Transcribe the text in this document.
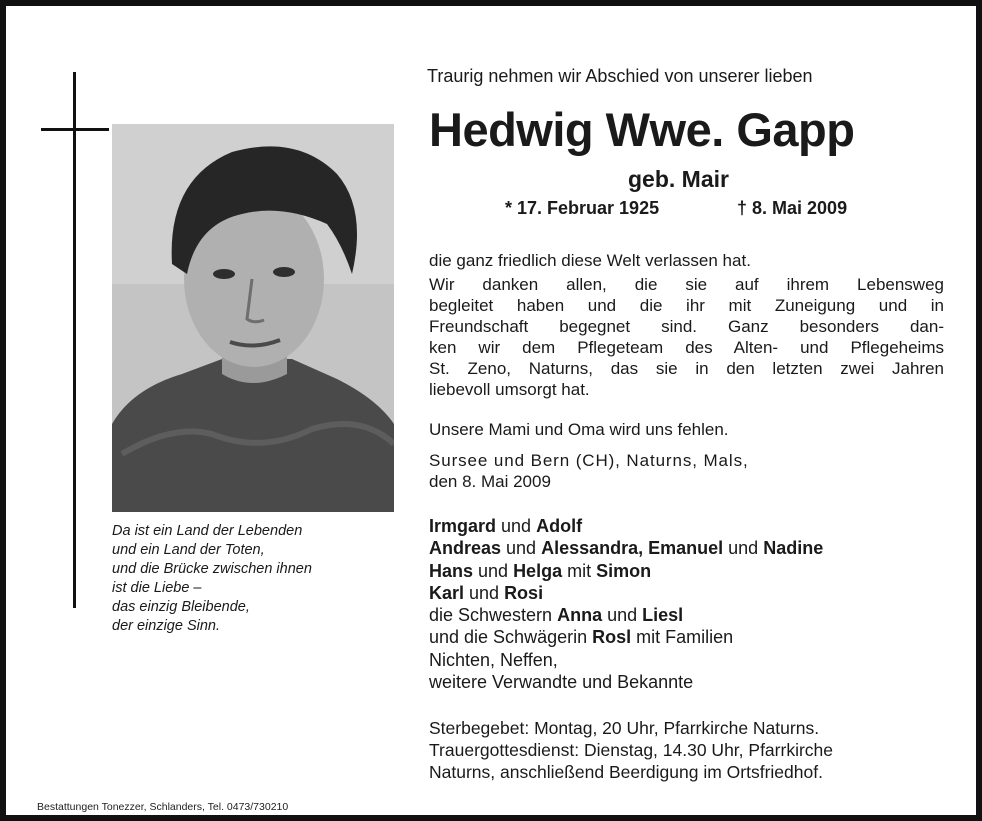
Da ist ein Land der Lebenden
und ein Land der Toten,
und die Brücke zwischen ihnen
ist die Liebe –
das einzig Bleibende,
der einzige Sinn.
Bestattungen Tonezzer, Schlanders, Tel. 0473/730210
Traurig nehmen wir Abschied von unserer lieben
Hedwig Wwe. Gapp
geb. Mair
* 17. Februar 1925	† 8. Mai 2009
die ganz friedlich diese Welt verlassen hat.
Wir danken allen, die sie auf ihrem Lebensweg
begleitet haben und die ihr mit Zuneigung und in
Freundschaft begegnet sind. Ganz besonders dan-
ken wir dem Pflegeteam des Alten- und Pflegeheims
St. Zeno, Naturns, das sie in den letzten zwei Jahren
liebevoll umsorgt hat.
Unsere Mami und Oma wird uns fehlen.
Sursee und Bern (CH), Naturns, Mals,
den 8. Mai 2009
Irmgard und Adolf
Andreas und Alessandra, Emanuel und Nadine
Hans und Helga mit Simon
Karl und Rosi
die Schwestern Anna und Liesl
und die Schwägerin Rosl mit Familien
Nichten, Neffen,
weitere Verwandte und Bekannte
Sterbegebet: Montag, 20 Uhr, Pfarrkirche Naturns.
Trauergottesdienst: Dienstag, 14.30 Uhr, Pfarrkirche
Naturns, anschließend Beerdigung im Ortsfriedhof.
